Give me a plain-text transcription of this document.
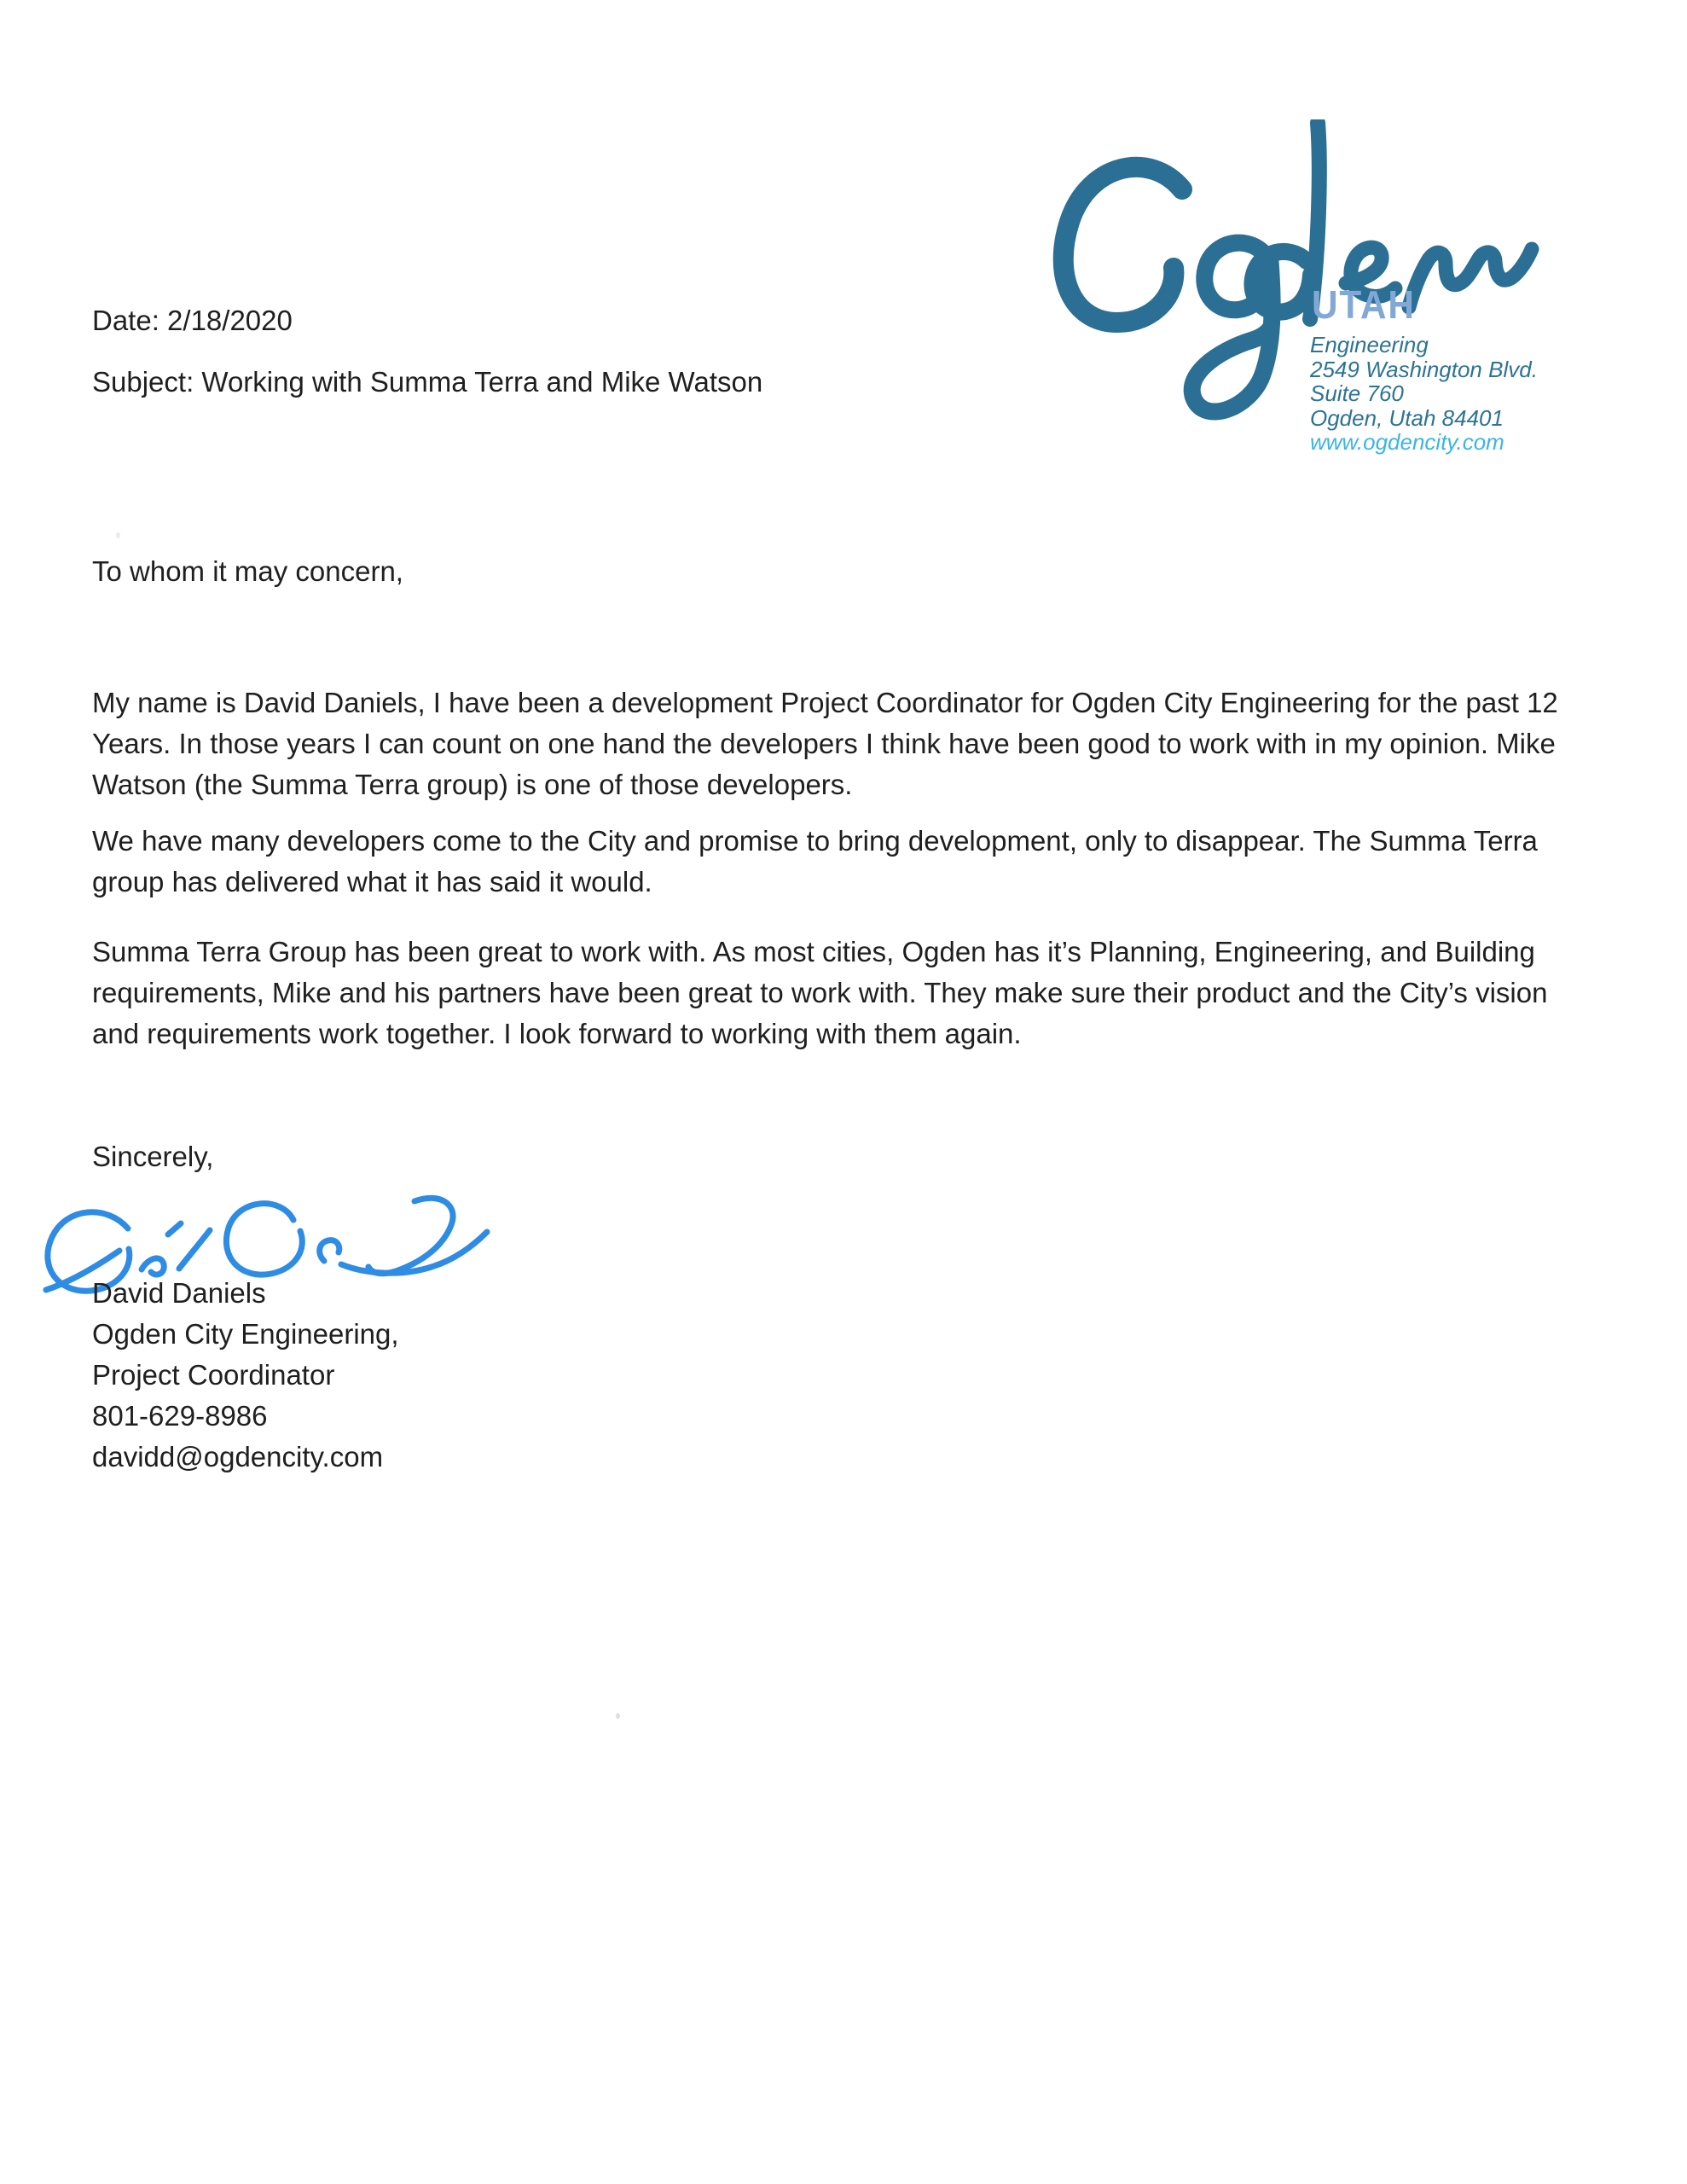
Date: 2/18/2020
Subject: Working with Summa Terra and Mike Watson
UTAH
Engineering
2549 Washington Blvd.
Suite 760
Ogden, Utah 84401
www.ogdencity.com
To whom it may concern,
My name is David Daniels, I have been a development Project Coordinator for Ogden City Engineering for the past 12 Years. In those years I can count on one hand the developers I think have been good to work with in my opinion. Mike Watson (the Summa Terra group) is one of those developers.
We have many developers come to the City and promise to bring development, only to disappear. The Summa Terra group has delivered what it has said it would.
Summa Terra Group has been great to work with. As most cities, Ogden has it’s Planning, Engineering, and Building requirements, Mike and his partners have been great to work with. They make sure their product and the City’s vision and requirements work together. I look forward to working with them again.
Sincerely,
David Daniels
Ogden City Engineering,
Project Coordinator
801-629-8986
davidd@ogdencity.com
